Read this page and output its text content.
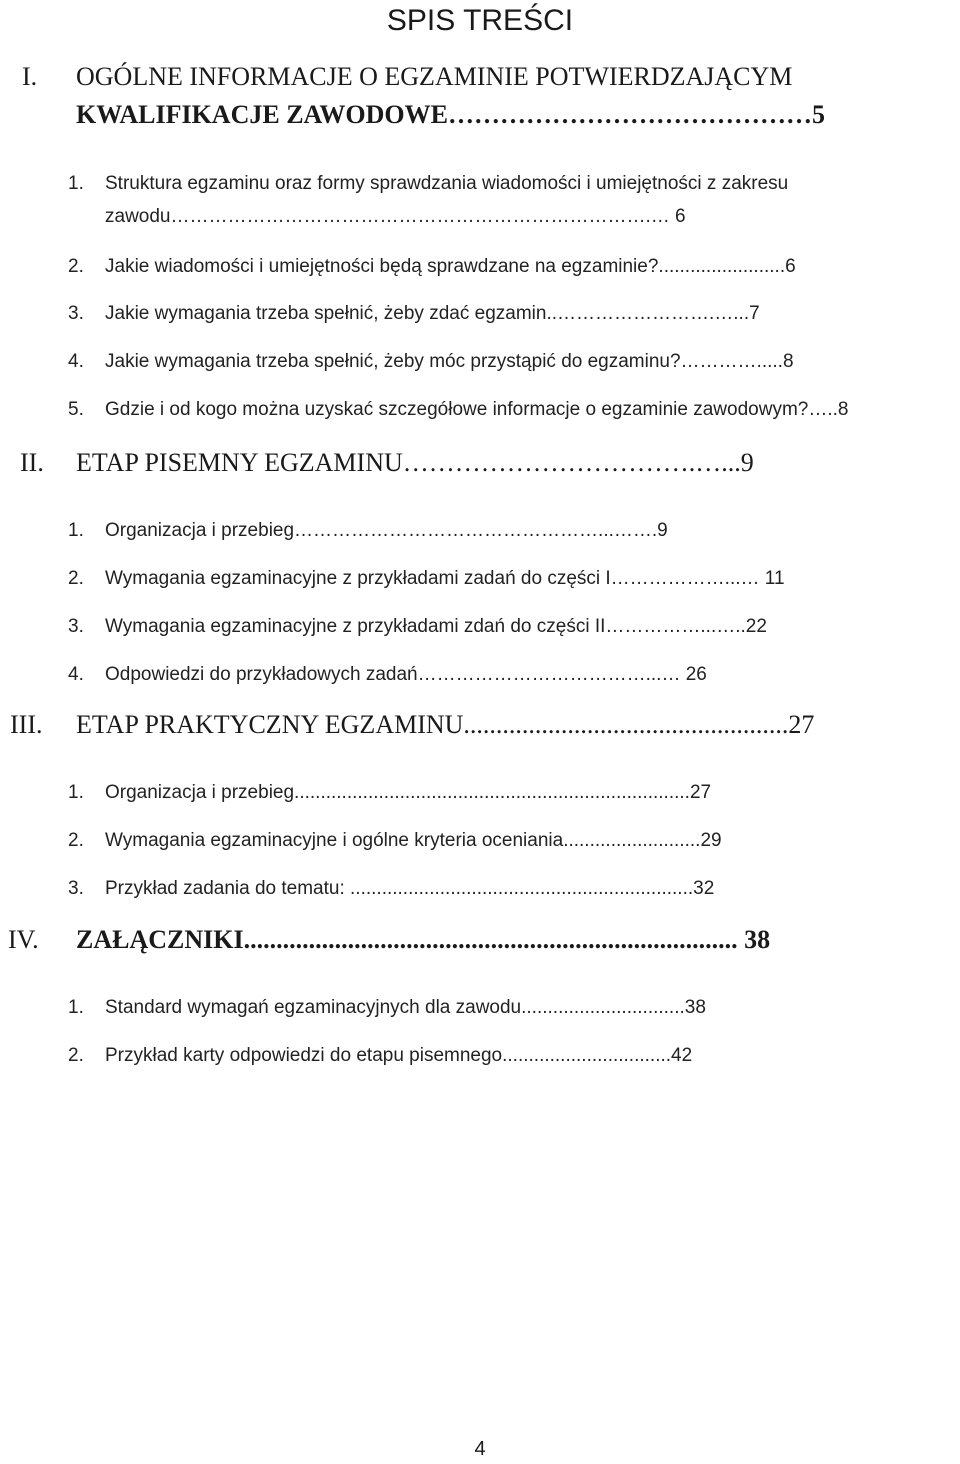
SPIS TREŚCI
I. OGÓLNE INFORMACJE O EGZAMINIE POTWIERDZAJĄCYM
KWALIFIKACJE ZAWODOWE……………………………………5
1. Struktura egzaminu oraz formy sprawdzania wiadomości i umiejętności z zakresu
zawodu………………………………………………………………….… 6
2. Jakie wiadomości i umiejętności będą sprawdzane na egzaminie?........................6
3. Jakie wymagania trzeba spełnić, żeby zdać egzamin..…………………….…...7
4. Jakie wymagania trzeba spełnić, żeby móc przystąpić do egzaminu?………….....8
5. Gdzie i od kogo można uzyskać szczegółowe informacje o egzaminie zawodowym?…..8
II. ETAP PISEMNY EGZAMINU…………………………….…...9
1. Organizacja i przebieg…………………………………………...…….9
2. Wymagania egzaminacyjne z przykładami zadań do części I………………...… 11
3. Wymagania egzaminacyjne z przykładami zdań do części II……………...…..22
4. Odpowiedzi do przykładowych zadań………………………………...… 26
III. ETAP PRAKTYCZNY EGZAMINU..................................................27
1. Organizacja i przebieg...........................................................................27
2. Wymagania egzaminacyjne i ogólne kryteria oceniania..........................29
3. Przykład zadania do tematu: .................................................................32
IV. ZAŁĄCZNIKI............................................................................ 38
1. Standard wymagań egzaminacyjnych dla zawodu...............................38
2. Przykład karty odpowiedzi do etapu pisemnego................................42
4
